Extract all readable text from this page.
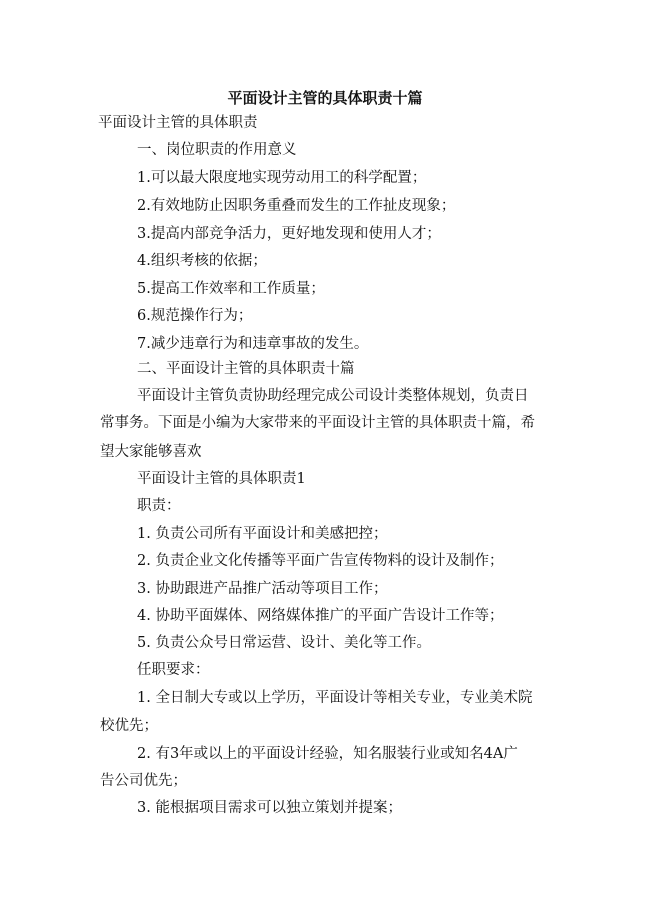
平面设计主管的具体职责十篇
平面设计主管的具体职责
一、岗位职责的作用意义
1.可以最大限度地实现劳动用工的科学配置；
2.有效地防止因职务重叠而发生的工作扯皮现象；
3.提高内部竞争活力，更好地发现和使用人才；
4.组织考核的依据；
5.提高工作效率和工作质量；
6.规范操作行为；
7.减少违章行为和违章事故的发生。
二、平面设计主管的具体职责十篇
平面设计主管负责协助经理完成公司设计类整体规划，负责日
常事务。下面是小编为大家带来的平面设计主管的具体职责十篇，希
望大家能够喜欢
平面设计主管的具体职责1
职责：
1. 负责公司所有平面设计和美感把控；
2. 负责企业文化传播等平面广告宣传物料的设计及制作；
3. 协助跟进产品推广活动等项目工作；
4. 协助平面媒体、网络媒体推广的平面广告设计工作等；
5. 负责公众号日常运营、设计、美化等工作。
任职要求：
1. 全日制大专或以上学历，平面设计等相关专业，专业美术院
校优先；
2. 有3年或以上的平面设计经验，知名服装行业或知名4A广
告公司优先；
3. 能根据项目需求可以独立策划并提案；
